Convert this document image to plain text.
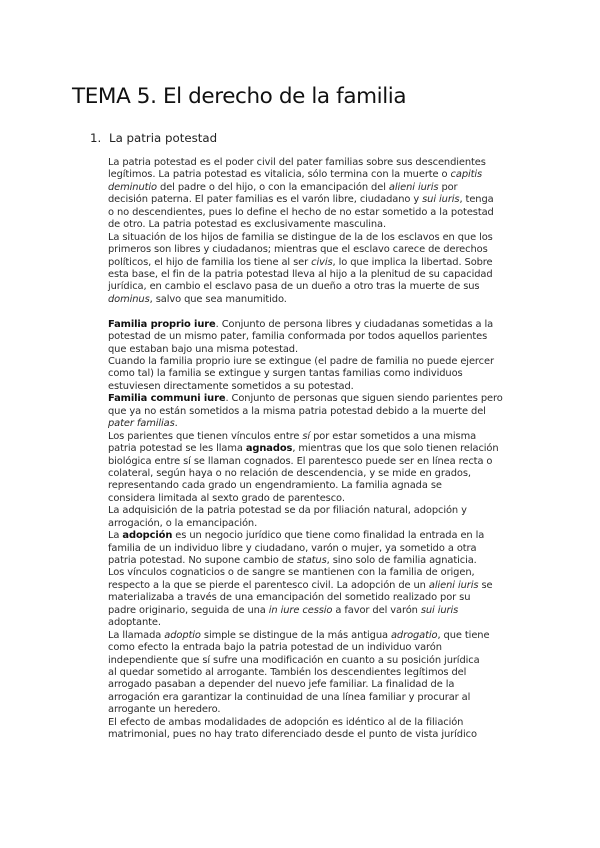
TEMA 5. El derecho de la familia
1. La patria potestad
La patria potestad es el poder civil del pater familias sobre sus descendientes
legítimos. La patria potestad es vitalicia, sólo termina con la muerte o capitis
deminutio del padre o del hijo, o con la emancipación del alieni iuris por
decisión paterna. El pater familias es el varón libre, ciudadano y sui iuris, tenga
o no descendientes, pues lo define el hecho de no estar sometido a la potestad
de otro. La patria potestad es exclusivamente masculina.
La situación de los hijos de familia se distingue de la de los esclavos en que los
primeros son libres y ciudadanos; mientras que el esclavo carece de derechos
políticos, el hijo de familia los tiene al ser civis, lo que implica la libertad. Sobre
esta base, el fin de la patria potestad lleva al hijo a la plenitud de su capacidad
jurídica, en cambio el esclavo pasa de un dueño a otro tras la muerte de sus
dominus, salvo que sea manumitido.
Familia proprio iure. Conjunto de persona libres y ciudadanas sometidas a la
potestad de un mismo pater, familia conformada por todos aquellos parientes
que estaban bajo una misma potestad.
Cuando la familia proprio iure se extingue (el padre de familia no puede ejercer
como tal) la familia se extingue y surgen tantas familias como individuos
estuviesen directamente sometidos a su potestad.
Familia communi iure. Conjunto de personas que siguen siendo parientes pero
que ya no están sometidos a la misma patria potestad debido a la muerte del
pater familias.
Los parientes que tienen vínculos entre sí por estar sometidos a una misma
patria potestad se les llama agnados, mientras que los que solo tienen relación
biológica entre sí se llaman cognados. El parentesco puede ser en línea recta o
colateral, según haya o no relación de descendencia, y se mide en grados,
representando cada grado un engendramiento. La familia agnada se
considera limitada al sexto grado de parentesco.
La adquisición de la patria potestad se da por filiación natural, adopción y
arrogación, o la emancipación.
La adopción es un negocio jurídico que tiene como finalidad la entrada en la
familia de un individuo libre y ciudadano, varón o mujer, ya sometido a otra
patria potestad. No supone cambio de status, sino solo de familia agnaticia.
Los vínculos cognaticios o de sangre se mantienen con la familia de origen,
respecto a la que se pierde el parentesco civil. La adopción de un alieni iuris se
materializaba a través de una emancipación del sometido realizado por su
padre originario, seguida de una in iure cessio a favor del varón sui iuris
adoptante.
La llamada adoptio simple se distingue de la más antigua adrogatio, que tiene
como efecto la entrada bajo la patria potestad de un individuo varón
independiente que sí sufre una modificación en cuanto a su posición jurídica
al quedar sometido al arrogante. También los descendientes legítimos del
arrogado pasaban a depender del nuevo jefe familiar. La finalidad de la
arrogación era garantizar la continuidad de una línea familiar y procurar al
arrogante un heredero.
El efecto de ambas modalidades de adopción es idéntico al de la filiación
matrimonial, pues no hay trato diferenciado desde el punto de vista jurídico
